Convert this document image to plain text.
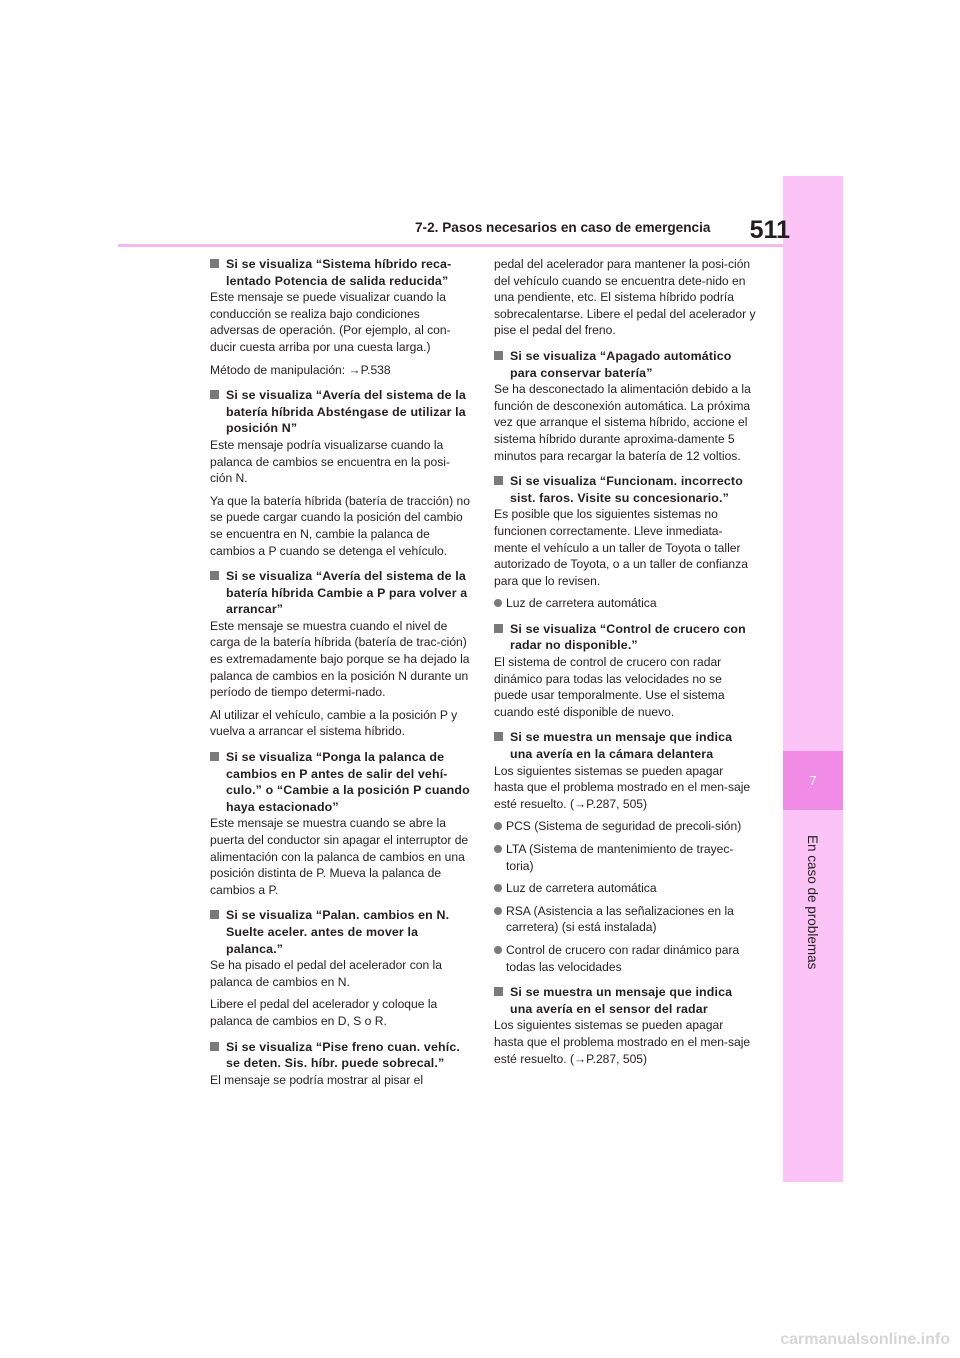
7
En caso de problemas
7-2. Pasos necesarios en caso de emergencia	511
Si se visualiza “Sistema híbrido reca-lentado Potencia de salida reducida”
Este mensaje se puede visualizar cuando la conducción se realiza bajo condiciones adversas de operación. (Por ejemplo, al con-ducir cuesta arriba por una cuesta larga.)
Método de manipulación: →P.538
Si se visualiza “Avería del sistema de la batería híbrida Absténgase de utilizar la posición N”
Este mensaje podría visualizarse cuando la palanca de cambios se encuentra en la posi-ción N.
Ya que la batería híbrida (batería de tracción) no se puede cargar cuando la posición del cambio se encuentra en N, cambie la palanca de cambios a P cuando se detenga el vehículo.
Si se visualiza “Avería del sistema de la batería híbrida Cambie a P para volver a arrancar”
Este mensaje se muestra cuando el nivel de carga de la batería híbrida (batería de trac-ción) es extremadamente bajo porque se ha dejado la palanca de cambios en la posición N durante un período de tiempo determi-nado.
Al utilizar el vehículo, cambie a la posición P y vuelva a arrancar el sistema híbrido.
Si se visualiza “Ponga la palanca de cambios en P antes de salir del vehí-culo.” o “Cambie a la posición P cuando haya estacionado”
Este mensaje se muestra cuando se abre la puerta del conductor sin apagar el interruptor de alimentación con la palanca de cambios en una posición distinta de P. Mueva la palanca de cambios a P.
Si se visualiza “Palan. cambios en N. Suelte aceler. antes de mover la palanca.”
Se ha pisado el pedal del acelerador con la palanca de cambios en N.
Libere el pedal del acelerador y coloque la palanca de cambios en D, S o R.
Si se visualiza “Pise freno cuan. vehíc. se deten. Sis. híbr. puede sobrecal.”
El mensaje se podría mostrar al pisar el
pedal del acelerador para mantener la posi-ción del vehículo cuando se encuentra dete-nido en una pendiente, etc. El sistema híbrido podría sobrecalentarse. Libere el pedal del acelerador y pise el pedal del freno.
Si se visualiza “Apagado automático para conservar batería”
Se ha desconectado la alimentación debido a la función de desconexión automática. La próxima vez que arranque el sistema híbrido, accione el sistema híbrido durante aproxima-damente 5 minutos para recargar la batería de 12 voltios.
Si se visualiza “Funcionam. incorrecto sist. faros. Visite su concesionario.”
Es posible que los siguientes sistemas no funcionen correctamente. Lleve inmediata-mente el vehículo a un taller de Toyota o taller autorizado de Toyota, o a un taller de confianza para que lo revisen.
Luz de carretera automática
Si se visualiza “Control de crucero con radar no disponible.”
El sistema de control de crucero con radar dinámico para todas las velocidades no se puede usar temporalmente. Use el sistema cuando esté disponible de nuevo.
Si se muestra un mensaje que indica una avería en la cámara delantera
Los siguientes sistemas se pueden apagar hasta que el problema mostrado en el men-saje esté resuelto. (→P.287, 505)
PCS (Sistema de seguridad de precoli-sión)
LTA (Sistema de mantenimiento de trayec-toria)
Luz de carretera automática
RSA (Asistencia a las señalizaciones en la carretera) (si está instalada)
Control de crucero con radar dinámico para todas las velocidades
Si se muestra un mensaje que indica una avería en el sensor del radar
Los siguientes sistemas se pueden apagar hasta que el problema mostrado en el men-saje esté resuelto. (→P.287, 505)
carmanualsonline.info
